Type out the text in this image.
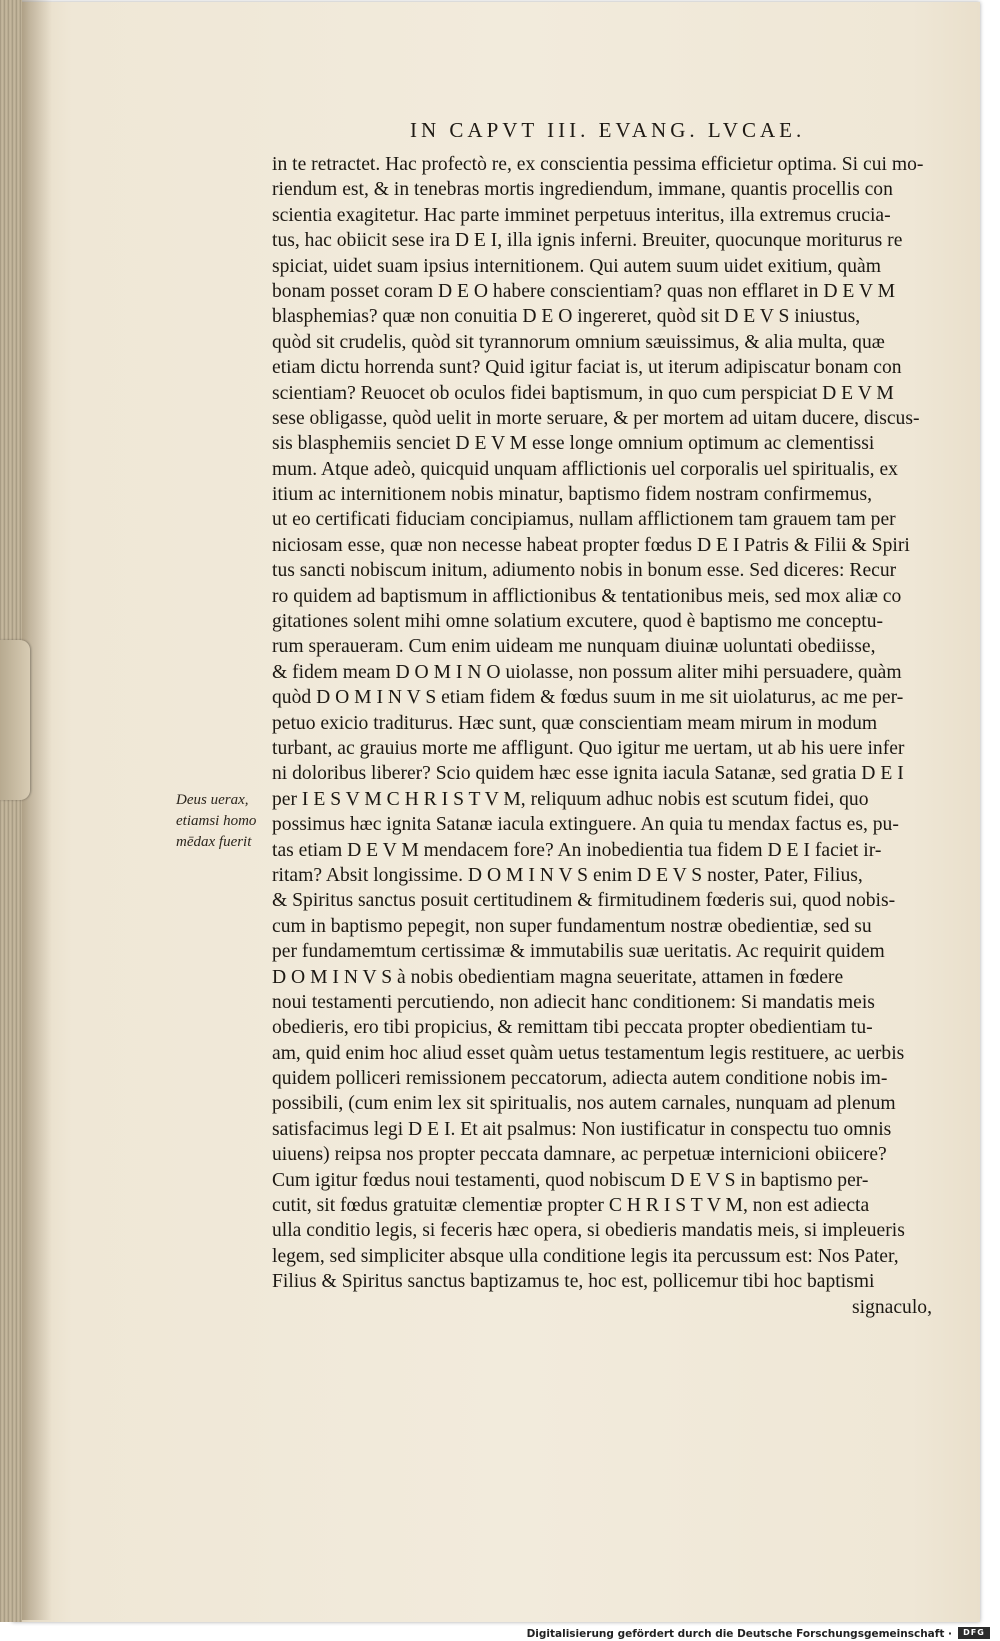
IN CAPVT III. EVANG. LVCAE.
Deus uerax,
etiamsi homo
mēdax fuerit
in te retractet. Hac profectò re, ex conscientia pessima efficietur optima. Si cui mo-
riendum est, & in tenebras mortis ingrediendum, immane, quantis procellis con
scientia exagitetur. Hac parte imminet perpetuus interitus, illa extremus crucia-
tus, hac obiicit sese ira D E I, illa ignis inferni. Breuiter, quocunque moriturus re
spiciat, uidet suam ipsius internitionem. Qui autem suum uidet exitium, quàm
bonam posset coram D E O habere conscientiam? quas non efflaret in D E V M
blasphemias? quæ non conuitia D E O ingereret, quòd sit D E V S iniustus,
quòd sit crudelis, quòd sit tyrannorum omnium sæuissimus, & alia multa, quæ
etiam dictu horrenda sunt? Quid igitur faciat is, ut iterum adipiscatur bonam con
scientiam? Reuocet ob oculos fidei baptismum, in quo cum perspiciat D E V M
sese obligasse, quòd uelit in morte seruare, & per mortem ad uitam ducere, discus-
sis blasphemiis senciet D E V M esse longe omnium optimum ac clementissi
mum. Atque adeò, quicquid unquam afflictionis uel corporalis uel spiritualis, ex
itium ac internitionem nobis minatur, baptismo fidem nostram confirmemus,
ut eo certificati fiduciam concipiamus, nullam afflictionem tam grauem tam per
niciosam esse, quæ non necesse habeat propter fœdus D E I Patris & Filii & Spiri
tus sancti nobiscum initum, adiumento nobis in bonum esse. Sed diceres: Recur
ro quidem ad baptismum in afflictionibus & tentationibus meis, sed mox aliæ co
gitationes solent mihi omne solatium excutere, quod è baptismo me conceptu-
rum speraueram. Cum enim uideam me nunquam diuinæ uoluntati obediisse,
& fidem meam D O M I N O uiolasse, non possum aliter mihi persuadere, quàm
quòd D O M I N V S etiam fidem & fœdus suum in me sit uiolaturus, ac me per-
petuo exicio traditurus. Hæc sunt, quæ conscientiam meam mirum in modum
turbant, ac grauius morte me affligunt. Quo igitur me uertam, ut ab his uere infer
ni doloribus liberer? Scio quidem hæc esse ignita iacula Satanæ, sed gratia D E I
per I E S V M C H R I S T V M, reliquum adhuc nobis est scutum fidei, quo
possimus hæc ignita Satanæ iacula extinguere. An quia tu mendax factus es, pu-
tas etiam D E V M mendacem fore? An inobedientia tua fidem D E I faciet ir-
ritam? Absit longissime. D O M I N V S enim D E V S noster, Pater, Filius,
& Spiritus sanctus posuit certitudinem & firmitudinem fœderis sui, quod nobis-
cum in baptismo pepegit, non super fundamentum nostræ obedientiæ, sed su
per fundamemtum certissimæ & immutabilis suæ ueritatis. Ac requirit quidem
D O M I N V S à nobis obedientiam magna seueritate, attamen in fœdere
noui testamenti percutiendo, non adiecit hanc conditionem: Si mandatis meis
obedieris, ero tibi propicius, & remittam tibi peccata propter obedientiam tu-
am, quid enim hoc aliud esset quàm uetus testamentum legis restituere, ac uerbis
quidem polliceri remissionem peccatorum, adiecta autem conditione nobis im-
possibili, (cum enim lex sit spiritualis, nos autem carnales, nunquam ad plenum
satisfacimus legi D E I. Et ait psalmus: Non iustificatur in conspectu tuo omnis
uiuens) reipsa nos propter peccata damnare, ac perpetuæ internicioni obiicere?
Cum igitur fœdus noui testamenti, quod nobiscum D E V S in baptismo per-
cutit, sit fœdus gratuitæ clementiæ propter C H R I S T V M, non est adiecta
ulla conditio legis, si feceris hæc opera, si obedieris mandatis meis, si impleueris
legem, sed simpliciter absque ulla conditione legis ita percussum est: Nos Pater,
Filius & Spiritus sanctus baptizamus te, hoc est, pollicemur tibi hoc baptismi
signaculo,
Digitalisierung gefördert durch die Deutsche Forschungsgemeinschaft ·	DFG
